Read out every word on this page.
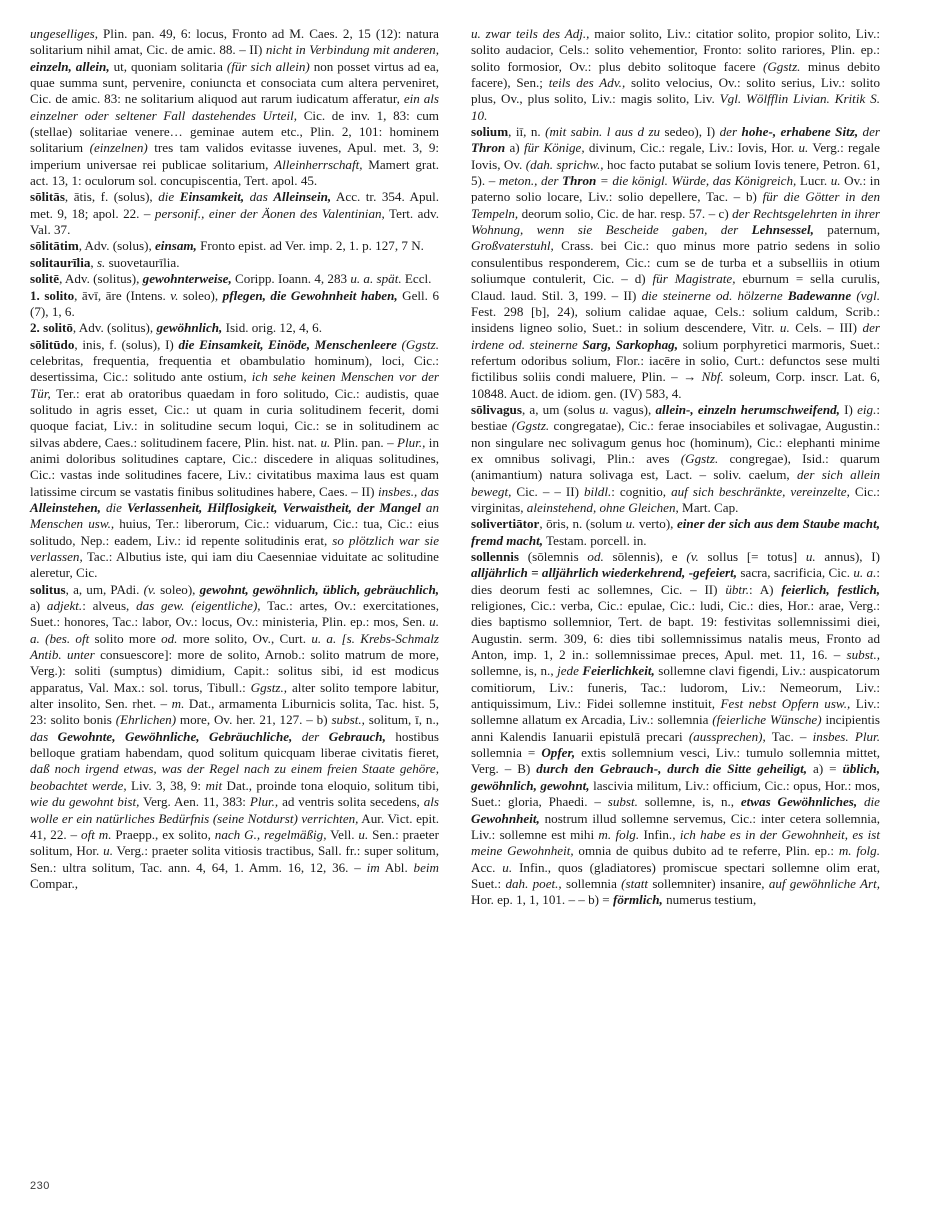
ungeselliges, Plin. pan. 49, 6: locus, Fronto ad M. Caes. 2, 15 (12): natura solitarium nihil amat, Cic. de amic. 88. – II) nicht in Verbindung mit anderen, einzeln, allein, ut, quoniam solitaria (für sich allein) non posset virtus ad ea, quae summa sunt, pervenire, coniuncta et consociata cum altera perveniret, Cic. de amic. 83: ne solitarium aliquod aut rarum iudicatum afferatur, ein als einzelner oder seltener Fall dastehendes Urteil, Cic. de inv. 1, 83: cum (stellae) solitariae venere… geminae autem etc., Plin. 2, 101: hominem solitarium (einzelnen) tres tam validos evitasse iuvenes, Apul. met. 3, 9: imperium universae rei publicae solitarium, Alleinherrschaft, Mamert grat. act. 13, 1: oculorum sol. concupiscentia, Tert. apol. 45.

sōlitās, ātis, f. (solus), die Einsamkeit, das Alleinsein, Acc. tr. 354. Apul. met. 9, 18; apol. 22. – personif., einer der Äonen des Valentinian, Tert. adv. Val. 37.

sōlitātim, Adv. (solus), einsam, Fronto epist. ad Ver. imp. 2, 1. p. 127, 7 N.

solitaurīlia, s. suovetaurīlia.

solitē, Adv. (solitus), gewohnterweise, Coripp. Ioann. 4, 283 u. a. spät. Eccl.

1. solito, āvī, āre (Intens. v. soleo), pflegen, die Gewohnheit haben, Gell. 6 (7), 1, 6.

2. solitō, Adv. (solitus), gewöhnlich, Isid. orig. 12, 4, 6.

sōlitūdo, inis, f. (solus), I) die Einsamkeit, Einöde, Menschenleere (Ggstz. celebritas, frequentia, frequentia et obambulatio hominum), loci, Cic.: desertissima, Cic.: solitudo ante ostium, ich sehe keinen Menschen vor der Tür, Ter.: erat ab oratoribus quaedam in foro solitudo, Cic.: audistis, quae solitudo in agris esset, Cic.: ut quam in curia solitudinem fecerit, domi quoque faciat, Liv.: in solitudine secum loqui, Cic.: se in solitudinem ac silvas abdere, Caes.: solitudinem facere, Plin. hist. nat. u. Plin. pan. – Plur., in animi doloribus solitudines captare, Cic.: discedere in aliquas solitudines, Cic.: vastas inde solitudines facere, Liv.: civitatibus maxima laus est quam latissime circum se vastatis finibus solitudines habere, Caes. – II) insbes., das Alleinstehen, die Verlassenheit, Hilflosigkeit, Verwaistheit, der Mangel an Menschen usw., huius, Ter.: liberorum, Cic.: viduarum, Cic.: tua, Cic.: eius solitudo, Nep.: eadem, Liv.: id repente solitudinis erat, so plötzlich war sie verlassen, Tac.: Albutius iste, qui iam diu Caesenniae viduitate ac solitudine aleretur, Cic.

solitus, a, um, PAdi. (v. soleo), gewohnt, gewöhnlich, üblich, gebräuchlich, a) adjekt.: alveus, das gew. (eigentliche), Tac.: artes, Ov.: exercitationes, Suet.: honores, Tac.: labor, Ov.: locus, Ov.: ministeria, Plin. ep.: mos, Sen. u. a. (bes. oft solito more od. more solito, Ov., Curt. u. a. [s. Krebs-Schmalz Antib. unter consuescore]: more de solito, Arnob.: solito matrum de more, Verg.): soliti (sumptus) dimidium, Capit.: solitus sibi, id est modicus apparatus, Val. Max.: sol. torus, Tibull.: Ggstz., alter solito tempore labitur, alter insolito, Sen. rhet. – m. Dat., armamenta Liburnicis solita, Tac. hist. 5, 23: solito bonis (Ehrlichen) more, Ov. her. 21, 127. – b) subst., solitum, ī, n., das Gewohnte, Gewöhnliche, Gebräuchliche, der Gebrauch, hostibus belloque gratiam habendam, quod solitum quicquam liberae civitatis fieret, daß noch irgend etwas, was der Regel nach zu einem freien Staate gehöre, beobachtet werde, Liv. 3, 38, 9: mit Dat., proinde tona eloquio, solitum tibi, wie du gewohnt bist, Verg. Aen. 11, 383: Plur., ad ventris solita secedens, als wolle er ein natürliches Bedürfnis (seine Notdurst) verrichten, Aur. Vict. epit. 41, 22. – oft m. Praepp., ex solito, nach G., regelmäßig, Vell. u. Sen.: praeter solitum, Hor. u. Verg.: praeter solita vitiosis tractibus, Sall. fr.: super solitum, Sen.: ultra solitum, Tac. ann. 4, 64, 1. Amm. 16, 12, 36. – im Abl. beim Compar.,

u. zwar teils des Adj., maior solito, Liv.: citatior solito, propior solito, Liv.: solito audacior, Cels.: solito vehementior, Fronto: solito rariores, Plin. ep.: solito formosior, Ov.: plus debito solitoque facere (Ggstz. minus debito facere), Sen.; teils des Adv., solito velocius, Ov.: solito serius, Liv.: solito plus, Ov., plus solito, Liv.: magis solito, Liv. Vgl. Wölfflin Livian. Kritik S. 10.

solium, iī, n. (mit sabin. l aus d zu sedeo), I) der hohe-, erhabene Sitz, der Thron a) für Könige, divinum, Cic.: regale, Liv.: Iovis, Hor. u. Verg.: regale Iovis, Ov. (dah. sprichw., hoc facto putabat se solium Iovis tenere, Petron. 61, 5). – meton., der Thron = die königl. Würde, das Königreich, Lucr. u. Ov.: in paterno solio locare, Liv.: solio depellere, Tac. – b) für die Götter in den Tempeln, deorum solio, Cic. de har. resp. 57. – c) der Rechtsgelehrten in ihrer Wohnung, wenn sie Bescheide gaben, der Lehnsessel, paternum, Großvaterstuhl, Crass. bei Cic.: quo minus more patrio sedens in solio consulentibus responderem, Cic.: cum se de turba et a subselliis in otium soliumque contulerit, Cic. – d) für Magistrate, eburnum = sella curulis, Claud. laud. Stil. 3, 199. – II) die steinerne od. hölzerne Badewanne (vgl. Fest. 298 [b], 24), solium calidae aquae, Cels.: solium caldum, Scrib.: insidens ligneo solio, Suet.: in solium descendere, Vitr. u. Cels. – III) der irdene od. steinerne Sarg, Sarkophag, solium porphyretici marmoris, Suet.: refertum odoribus solium, Flor.: iacēre in solio, Curt.: defunctos sese multi fictilibus soliis condi maluere, Plin. – → Nbf. soleum, Corp. inscr. Lat. 6, 10848. Auct. de idiom. gen. (IV) 583, 4.

sōlivagus, a, um (solus u. vagus), allein-, einzeln herumschweifend, I) eig.: bestiae (Ggstz. congregatae), Cic.: ferae insociabiles et solivagae, Augustin.: non singulare nec solivagum genus hoc (hominum), Cic.: elephanti minime ex omnibus solivagi, Plin.: aves (Ggstz. congregae), Isid.: quarum (animantium) natura solivaga est, Lact. – soliv. caelum, der sich allein bewegt, Cic. – – II) bildl.: cognitio, auf sich beschränkte, vereinzelte, Cic.: virginitas, aleinstehend, ohne Gleichen, Mart. Cap.

solivertiātor, ōris, n. (solum u. verto), einer der sich aus dem Staube macht, fremd macht, Testam. porcell. in.

sollennis (sōlemnis od. sōlennis), e (v. sollus [= totus] u. annus), I) alljährlich = alljährlich wiederkehrend, -gefeiert, sacra, sacrificia, Cic. u. a.: dies deorum festi ac sollemnes, Cic. – II) übtr.: A) feierlich, festlich, religiones, Cic.: verba, Cic.: epulae, Cic.: ludi, Cic.: dies, Hor.: arae, Verg.: dies baptismo sollemnior, Tert. de bapt. 19: festivitas sollemnissimi diei, Augustin. serm. 309, 6: dies tibi sollemnissimus natalis meus, Fronto ad Anton, imp. 1, 2 in.: sollemnissimae preces, Apul. met. 11, 16. – subst., sollemne, is, n., jede Feierlichkeit, sollemne clavi figendi, Liv.: auspicatorum comitiorum, Liv.: funeris, Tac.: ludorom, Liv.: Nemeorum, Liv.: antiquissimum, Liv.: Fidei sollemne instituit, Fest nebst Opfern usw., Liv.: sollemne allatum ex Arcadia, Liv.: sollemnia (feierliche Wünsche) incipientis anni Kalendis Ianuarii epistulā precari (aussprechen), Tac. – insbes. Plur. sollemnia = Opfer, extis sollemnium vesci, Liv.: tumulo sollemnia mittet, Verg. – B) durch den Gebrauch-, durch die Sitte geheiligt, a) = üblich, gewöhnlich, gewohnt, lascivia militum, Liv.: officium, Cic.: opus, Hor.: mos, Suet.: gloria, Phaedi. – subst. sollemne, is, n., etwas Gewöhnliches, die Gewohnheit, nostrum illud sollemne servemus, Cic.: inter cetera sollemnia, Liv.: sollemne est mihi m. folg. Infin., ich habe es in der Gewohnheit, es ist meine Gewohnheit, omnia de quibus dubito ad te referre, Plin. ep.: m. folg. Acc. u. Infin., quos (gladiatores) promiscue spectari sollemne olim erat, Suet.: dah. poet., sollemnia (statt sollemniter) insanire, auf gewöhnliche Art, Hor. ep. 1, 1, 101. – – b) = förmlich, numerus testium,

230
